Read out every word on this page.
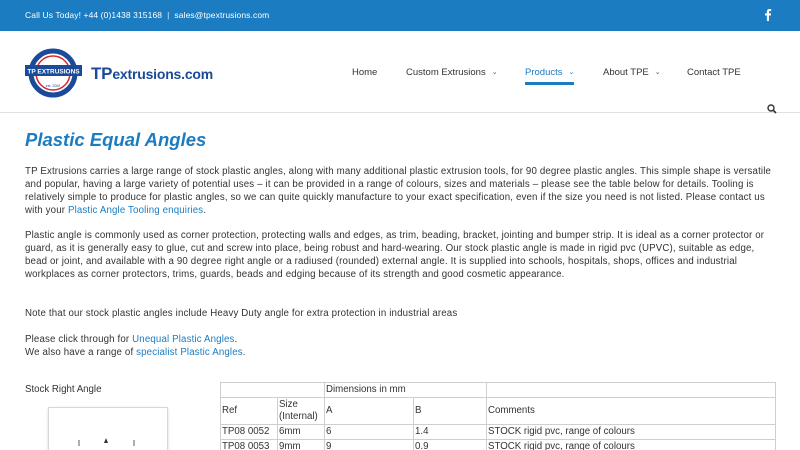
Call Us Today! +44 (0)1438 315168 | sales@tpextrusions.com
TP EXTRUSIONS
est. 2000
TPextrusions.com	Home	Custom Extrusions ⌄	Products ⌄	About TPE ⌄	Contact TPE
Plastic Equal Angles

TP Extrusions carries a large range of stock plastic angles, along with many additional plastic extrusion tools, for 90 degree plastic angles. This simple shape is versatile and popular, having a large variety of potential uses – it can be provided in a range of colours, sizes and materials – please see the table below for details. Tooling is relatively simple to produce for plastic angles, so we can quite quickly manufacture to your exact specification, even if the size you need is not listed. Please contact us with your Plastic Angle Tooling enquiries.

Plastic angle is commonly used as corner protection, protecting walls and edges, as trim, beading, bracket, jointing and bumper strip. It is ideal as a corner protector or guard, as it is generally easy to glue, cut and screw into place, being robust and hard-wearing. Our stock plastic angle is made in rigid pvc (UPVC), suitable as edge, bead or joint, and available with a 90 degree right angle or a radiused (rounded) external angle. It is supplied into schools, hospitals, shops, offices and industrial workplaces as corner protectors, trims, guards, beads and edging because of its strength and good cosmetic appearance.

Note that our stock plastic angles include Heavy Duty angle for extra protection in industrial areas

Please click through for Unequal Plastic Angles.

We also have a range of specialist Plastic Angles.

Stock Right Angle
		Dimensions in mm		
Ref	Size (Internal)	A	B	Comments
TP08 0052	6mm	6	1.4	STOCK rigid pvc, range of colours
TP08 0053	9mm	9	0.9	STOCK rigid pvc, range of colours
